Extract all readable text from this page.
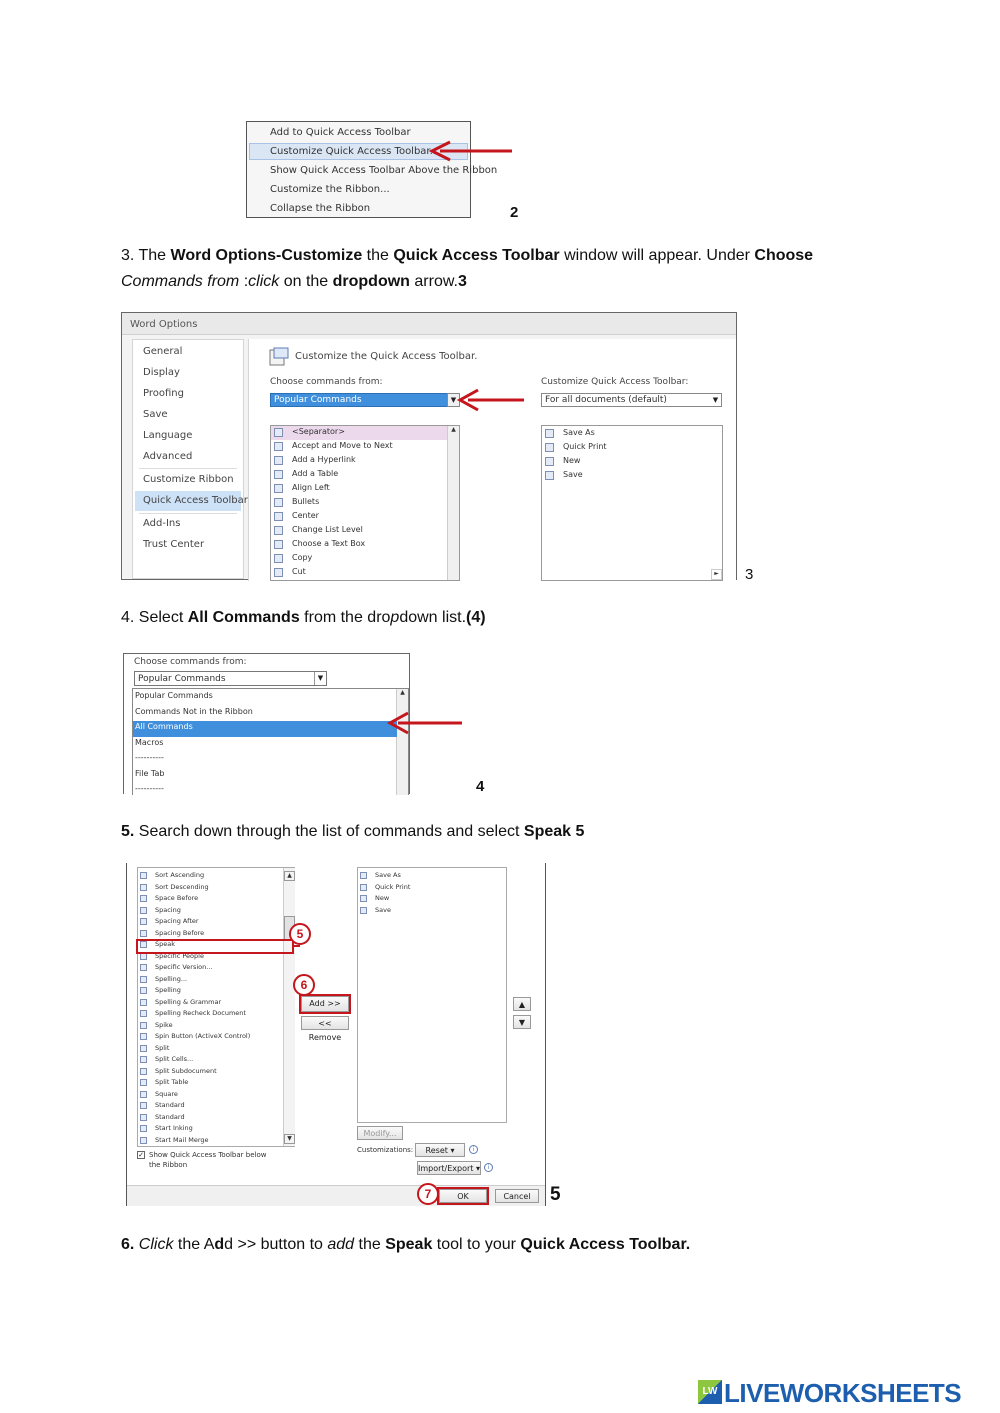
Add to Quick Access Toolbar
Customize Quick Access Toolbar...
Show Quick Access Toolbar Above the Ribbon
Customize the Ribbon...
Collapse the Ribbon	2
3. The Word Options-Customize the Quick Access Toolbar window will appear. Under Choose
Commands from :click on the dropdown arrow.3
Word Options
General
Display
Proofing
Save
Language
Advanced
Customize Ribbon
Quick Access Toolbar
Add-Ins
Trust Center
Customize the Quick Access Toolbar.
Choose commands from:
Popular Commands	▼
Customize Quick Access Toolbar:
For all documents (default)	▼
▲
<Separator>
Accept and Move to Next
Add a Hyperlink
Add a Table
Align Left
Bullets
Center
Change List Level
Choose a Text Box
Copy
Cut
Save As
Quick Print
New
Save
► 3
4. Select All Commands from the dropdown list.(4)
Choose commands from:
Popular Commands	▼
▲
Popular Commands
Commands Not in the Ribbon
All Commands
Macros
----------
File Tab
----------	4
5. Search down through the list of commands and select Speak 5
Sort Ascending
Sort Descending
Space Before
Spacing
Spacing After
Spacing Before
Speak
Specific People
Specific Version...
Spelling...
Spelling
Spelling & Grammar
Spelling Recheck Document
Spike
Spin Button (ActiveX Control)
Split
Split Cells...
Split Subdocument
Split Table
Square
Standard
Standard
Start Inking
Start Mail Merge
▲
▼
5
6
Add >>
<< Remove
Save As
Quick Print
New
Save
▲
▼
Modify...
Customizations:	Reset ▾	i
Import/Export ▾	i
✓ Show Quick Access Toolbar below the Ribbon
7	OK	Cancel	5
6. Click the Add >> button to add the Speak tool to your Quick Access Toolbar.
LW LIVEWORKSHEETS
